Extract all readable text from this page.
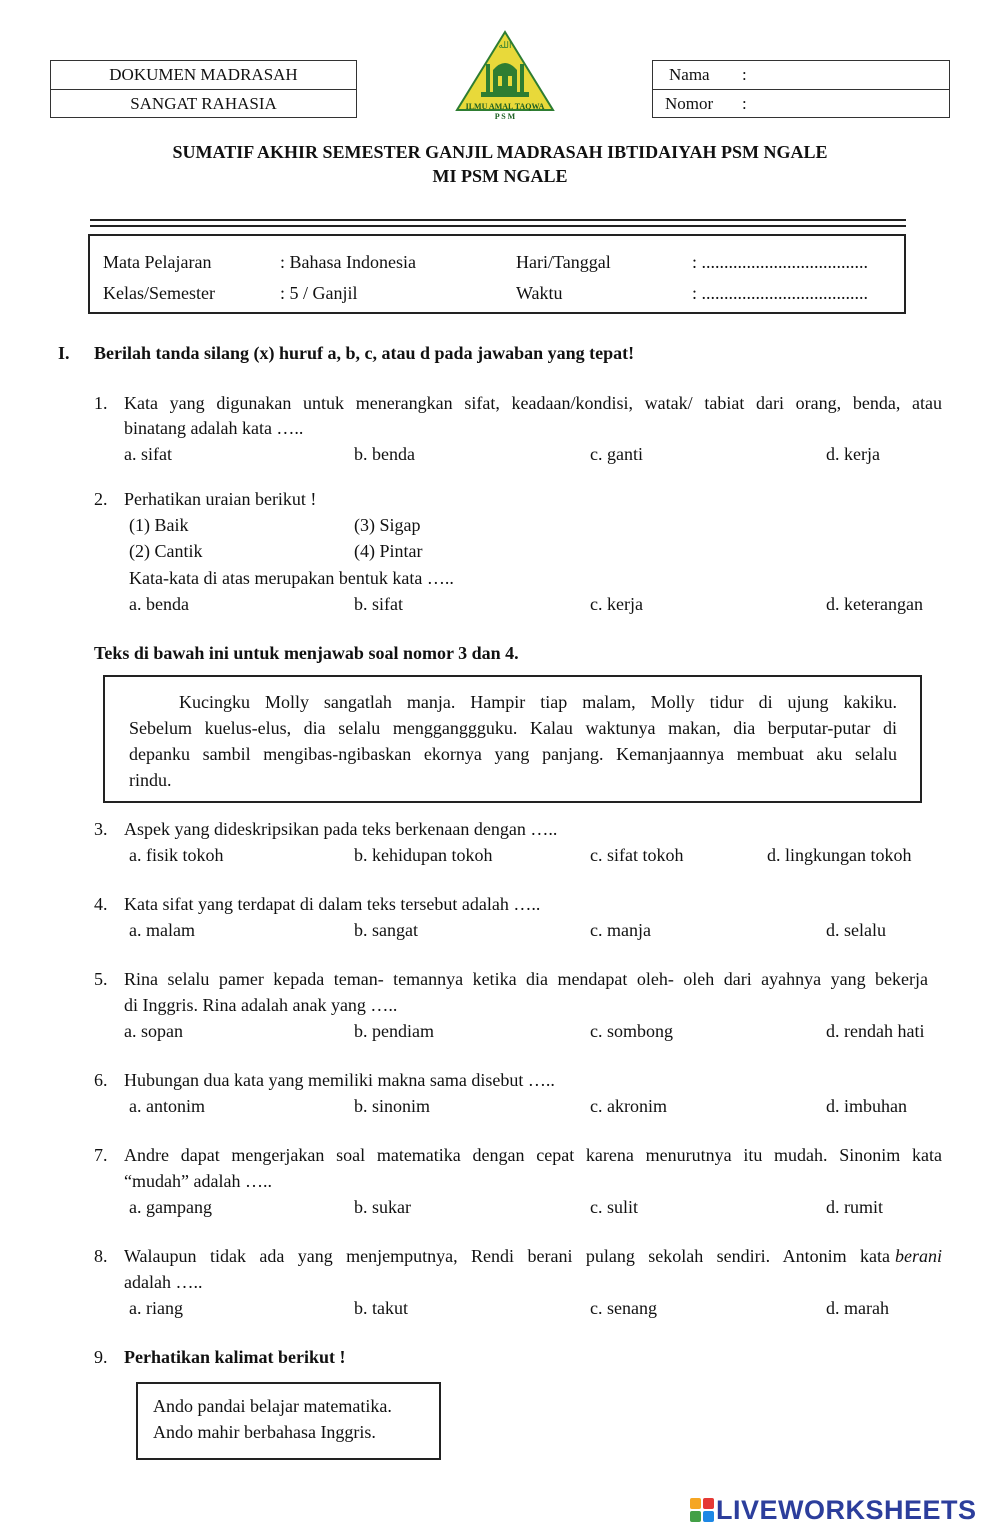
DOKUMEN MADRASAH
SANGAT RAHASIA
الله
ILMU AMAL TAQWA
P S M
Nama :
Nomor :
SUMATIF AKHIR SEMESTER GANJIL MADRASAH IBTIDAIYAH PSM NGALE
MI PSM NGALE
Mata Pelajaran	: Bahasa Indonesia	Hari/Tanggal	: .....................................
Kelas/Semester	: 5 / Ganjil	Waktu	: .....................................
I. Berilah tanda silang (x) huruf a, b, c, atau d pada jawaban yang tepat!
1. Kata yang digunakan untuk menerangkan sifat, keadaan/kondisi, watak/ tabiat dari orang, benda, atau
binatang adalah kata …..
a. sifat	b. benda	c. ganti	d. kerja
2. Perhatikan uraian berikut !
(1) Baik	(3) Sigap
(2) Cantik	(4) Pintar
Kata-kata di atas merupakan bentuk kata …..
a. benda	b. sifat	c. kerja	d. keterangan
Teks di bawah ini untuk menjawab soal nomor 3 dan 4.
Kucingku Molly sangatlah manja. Hampir tiap malam, Molly tidur di ujung kakiku.
Sebelum kuelus-elus, dia selalu mengganggguku. Kalau waktunya makan, dia berputar-putar di
depanku sambil mengibas-ngibaskan ekornya yang panjang. Kemanjaannya membuat aku selalu
rindu.
3. Aspek yang dideskripsikan pada teks berkenaan dengan …..
a. fisik tokoh	b. kehidupan tokoh	c. sifat tokoh	d. lingkungan tokoh
4. Kata sifat yang terdapat di dalam teks tersebut adalah …..
a. malam	b. sangat	c. manja	d. selalu
5. Rina selalu pamer kepada teman- temannya ketika dia mendapat oleh- oleh dari ayahnya yang bekerja
di Inggris. Rina adalah anak yang …..
a. sopan	b. pendiam	c. sombong	d. rendah hati
6. Hubungan dua kata yang memiliki makna sama disebut …..
a. antonim	b. sinonim	c. akronim	d. imbuhan
7. Andre dapat mengerjakan soal matematika dengan cepat karena menurutnya itu mudah. Sinonim kata
“mudah” adalah …..
a. gampang	b. sukar	c. sulit	d. rumit
8. Walaupun tidak ada yang menjemputnya, Rendi berani pulang sekolah sendiri. Antonim kata berani
adalah …..
a. riang	b. takut	c. senang	d. marah
9. Perhatikan kalimat berikut !
Ando pandai belajar matematika.
Ando mahir berbahasa Inggris.
LIVEWORKSHEETS
